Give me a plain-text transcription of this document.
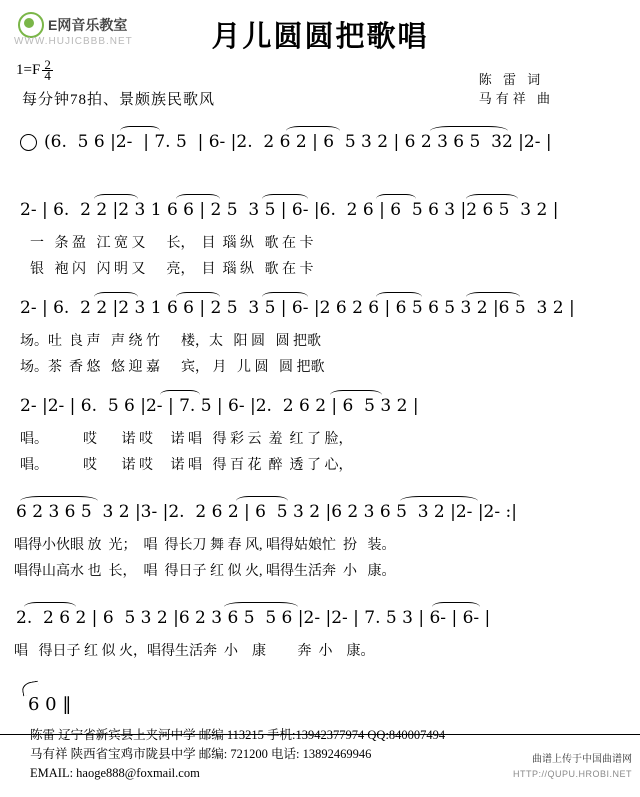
E网音乐教室
WWW.HUJICBBB.NET	月儿圆圆把歌唱
$1=F \frac{2}{4}$
每分钟78拍、景颇族民歌风
陈 雷 词
马有祥 曲
(6.  5 6 |2-  | 7. 5  | 6- |2.  2 6 2 | 6  5 3 2 | 6 2 3 6 5  32 |2- |
2- | 6.  2 2 |2 3 1 6 6 | 2 5  3 5 | 6- |6.  2 6 | 6  5 6 3 |2 6 5  3 2 |
一   条 盈   江 宽 又      长，  目  瑙 纵   歌 在 卡
银   袍 闪   闪 明 又      亮，  目  瑙 纵   歌 在 卡
2- | 6.  2 2 |2 3 1 6 6 | 2 5  3 5 | 6- |2 6 2 6 | 6 5 6 5 3 2 |6 5  3 2 |
场。吐  良 声   声 绕 竹      楼，太   阳 圆   圆 把歌
场。茶  香 悠   悠 迎 嘉      宾， 月   儿 圆   圆 把歌
2- |2- | 6.  5 6 |2- | 7. 5 | 6- |2.  2 6 2 | 6  5 3 2 |
唱。          哎       诺 哎     诺 唱   得 彩 云  羞  红 了 脸，
唱。          哎       诺 哎     诺 唱   得 百 花  醉  透 了 心，
6 2 3 6 5  3 2 |3- |2.  2 6 2 | 6  5 3 2 |6 2 3 6 5  3 2 |2- |2- :|
唱得小伙眼 放  光；  唱  得长刀 舞 春 风, 唱得姑娘忙  扮   装。
唱得山高水 也  长，  唱  得日子 红 似 火, 唱得生活奔  小   康。
2.  2 6 2 | 6  5 3 2 |6 2 3 6 5  5 6 |2- |2- | 7. 5 3 | 6- | 6- |
唱   得日子 红 似 火，唱得生活奔  小    康         奔  小    康。
6 0 ‖
陈雷 辽宁省新宾县上夹河中学 邮编 113215 手机:13942377974 QQ:840007494
马有祥 陕西省宝鸡市陇县中学 邮编: 721200 电话: 13892469946
EMAIL: haoge888@foxmail.com
曲谱上传于中国曲谱网
HTTP://QUPU.HROBI.NET
